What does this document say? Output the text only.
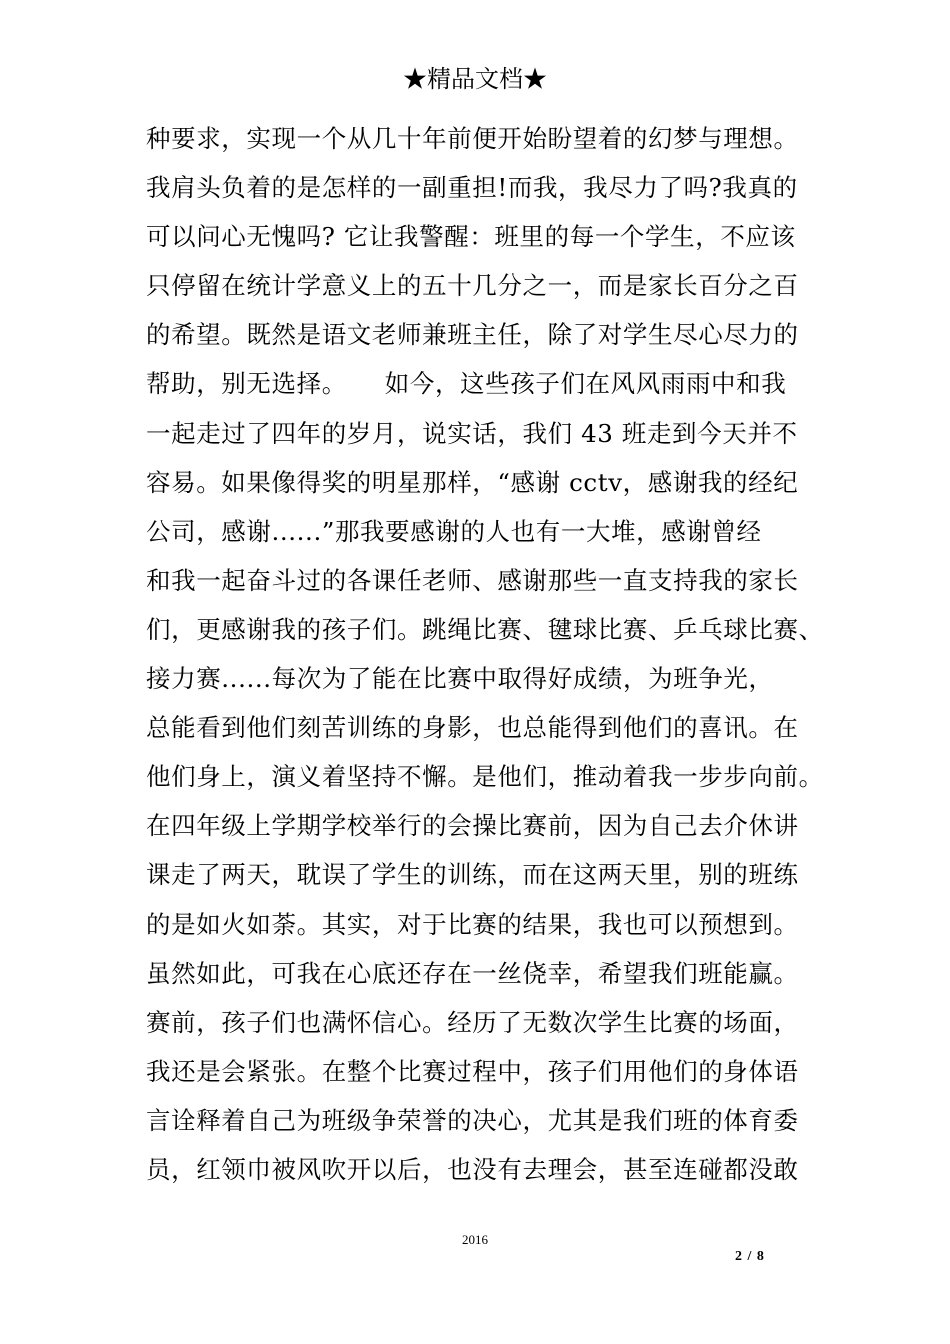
★精品文档★
种要求，实现一个从几十年前便开始盼望着的幻梦与理想。
我肩头负着的是怎样的一副重担!而我，我尽力了吗?我真的
可以问心无愧吗? 它让我警醒：班里的每一个学生，不应该
只停留在统计学意义上的五十几分之一，而是家长百分之百
的希望。既然是语文老师兼班主任，除了对学生尽心尽力的
帮助，别无选择。　　如今，这些孩子们在风风雨雨中和我
一起走过了四年的岁月，说实话，我们 43 班走到今天并不
容易。如果像得奖的明星那样，“感谢 cctv，感谢我的经纪
公司，感谢......”那我要感谢的人也有一大堆，感谢曾经
和我一起奋斗过的各课任老师、感谢那些一直支持我的家长
们，更感谢我的孩子们。跳绳比赛、毽球比赛、乒乓球比赛、
接力赛......每次为了能在比赛中取得好成绩，为班争光，
总能看到他们刻苦训练的身影，也总能得到他们的喜讯。在
他们身上，演义着坚持不懈。是他们，推动着我一步步向前。
在四年级上学期学校举行的会操比赛前，因为自己去介休讲
课走了两天，耽误了学生的训练，而在这两天里，别的班练
的是如火如荼。其实，对于比赛的结果，我也可以预想到。
虽然如此，可我在心底还存在一丝侥幸，希望我们班能赢。
赛前，孩子们也满怀信心。经历了无数次学生比赛的场面，
我还是会紧张。在整个比赛过程中，孩子们用他们的身体语
言诠释着自己为班级争荣誉的决心，尤其是我们班的体育委
员，红领巾被风吹开以后，也没有去理会，甚至连碰都没敢
2016
2 / 8
